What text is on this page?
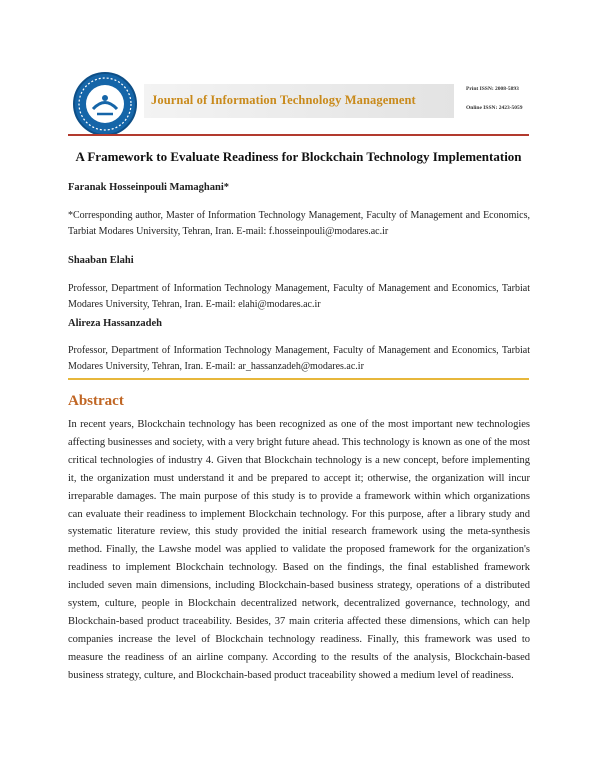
Journal of Information Technology Management
Print ISSN: 2008-5893
Online ISSN: 2423-5059
A Framework to Evaluate Readiness for Blockchain Technology Implementation
Faranak Hosseinpouli Mamaghani*
*Corresponding author, Master of Information Technology Management, Faculty of Management and Economics, Tarbiat Modares University, Tehran, Iran. E-mail: f.hosseinpouli@modares.ac.ir
Shaaban Elahi
Professor, Department of Information Technology Management, Faculty of Management and Economics, Tarbiat Modares University, Tehran, Iran. E-mail: elahi@modares.ac.ir
Alireza Hassanzadeh
Professor, Department of Information Technology Management, Faculty of Management and Economics, Tarbiat Modares University, Tehran, Iran. E-mail: ar_hassanzadeh@modares.ac.ir
Abstract
In recent years, Blockchain technology has been recognized as one of the most important new technologies affecting businesses and society, with a very bright future ahead. This technology is known as one of the most critical technologies of industry 4. Given that Blockchain technology is a new concept, before implementing it, the organization must understand it and be prepared to accept it; otherwise, the organization will incur irreparable damages. The main purpose of this study is to provide a framework within which organizations can evaluate their readiness to implement Blockchain technology. For this purpose, after a library study and systematic literature review, this study provided the initial research framework using the meta-synthesis method. Finally, the Lawshe model was applied to validate the proposed framework for the organization's readiness to implement Blockchain technology. Based on the findings, the final established framework included seven main dimensions, including Blockchain-based business strategy, operations of a distributed system, culture, people in Blockchain decentralized network, decentralized governance, technology, and Blockchain-based product traceability. Besides, 37 main criteria affected these dimensions, which can help companies increase the level of Blockchain technology readiness. Finally, this framework was used to measure the readiness of an airline company. According to the results of the analysis, Blockchain-based business strategy, culture, and Blockchain-based product traceability showed a medium level of readiness.
